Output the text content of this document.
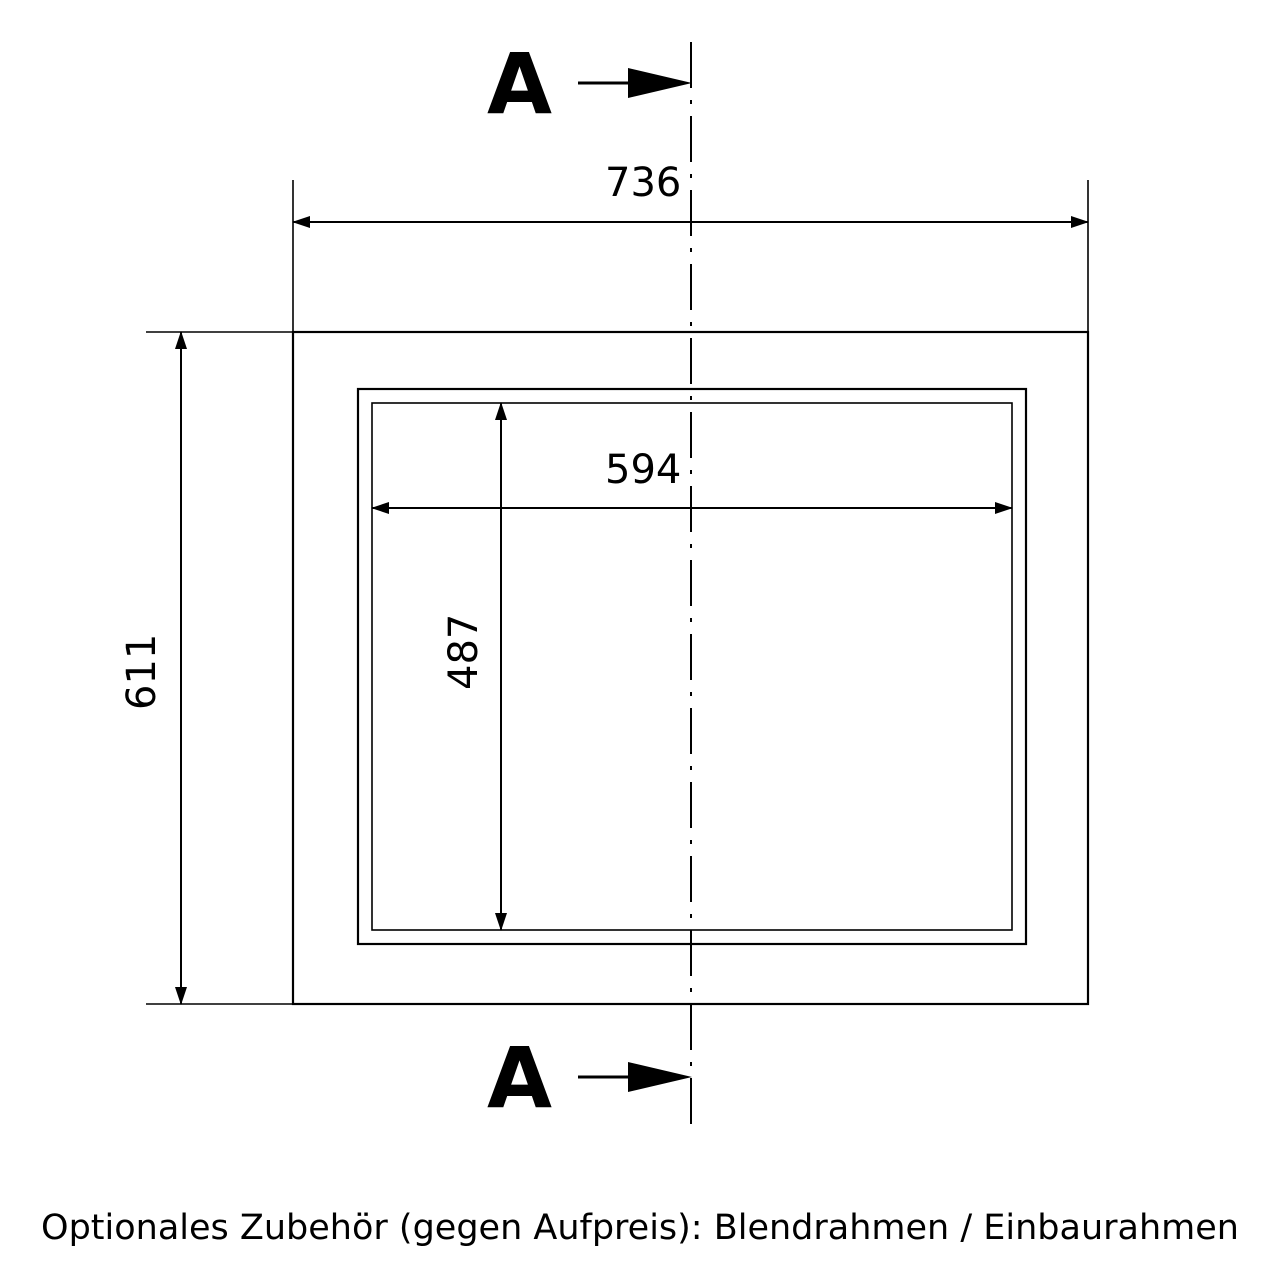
A
A
736
611
594
487
Optionales Zubehör (gegen Aufpreis): Blendrahmen / Einbaurahmen
